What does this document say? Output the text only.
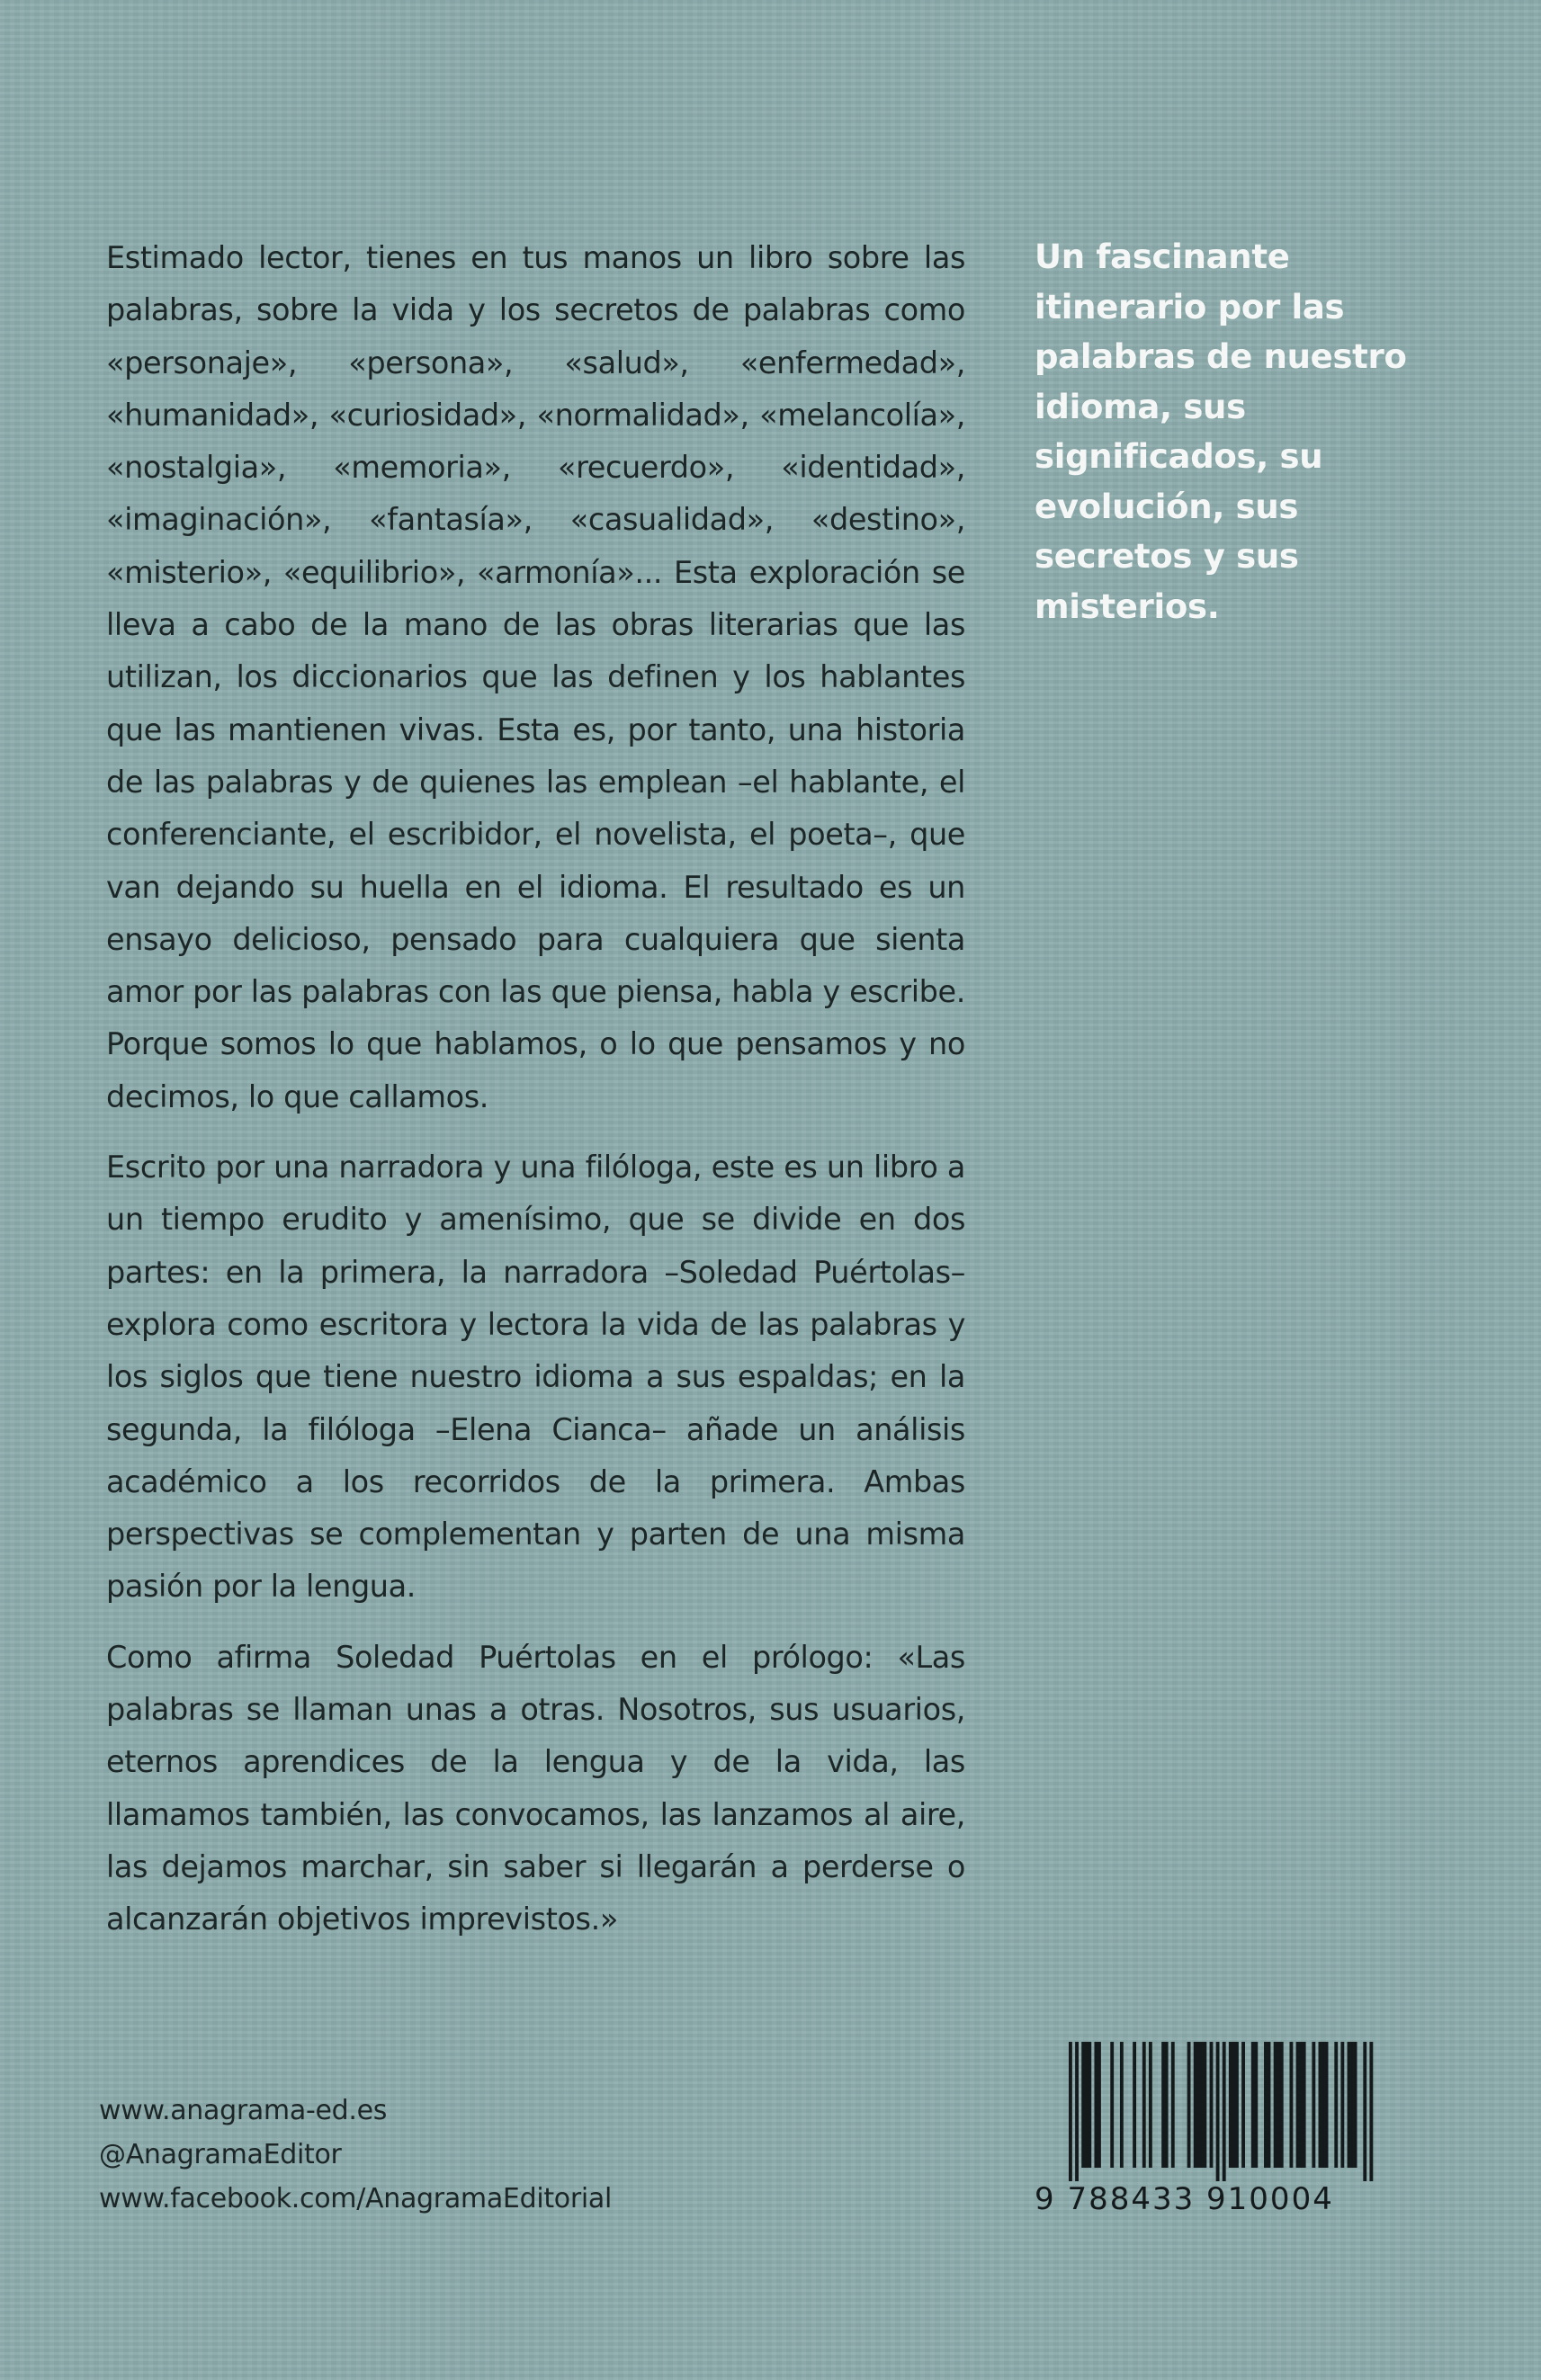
Estimado lector, tienes en tus manos un libro sobre las palabras, sobre la vida y los secretos de palabras como «personaje», «persona», «salud», «enfermedad», «humanidad», «curiosidad», «normalidad», «melancolía», «nostalgia», «memoria», «recuerdo», «identidad», «imaginación», «fantasía», «casualidad», «destino», «misterio», «equilibrio», «armonía»... Esta exploración se lleva a cabo de la mano de las obras literarias que las utilizan, los diccionarios que las definen y los hablantes que las mantienen vivas. Esta es, por tanto, una historia de las palabras y de quienes las emplean –el hablante, el conferenciante, el escribidor, el novelista, el poeta–, que van dejando su huella en el idioma. El resultado es un ensayo delicioso, pensado para cualquiera que sienta amor por las palabras con las que piensa, habla y escribe. Porque somos lo que hablamos, o lo que pensamos y no decimos, lo que callamos.

Escrito por una narradora y una filóloga, este es un libro a un tiempo erudito y amenísimo, que se divide en dos partes: en la primera, la narradora –Soledad Puértolas– explora como escritora y lectora la vida de las palabras y los siglos que tiene nuestro idioma a sus espaldas; en la segunda, la filóloga –Elena Cianca– añade un análisis académico a los recorridos de la primera. Ambas perspectivas se complementan y parten de una misma pasión por la lengua.

Como afirma Soledad Puértolas en el prólogo: «Las palabras se llaman unas a otras. Nosotros, sus usuarios, eternos aprendices de la lengua y de la vida, las llamamos también, las convocamos, las lanzamos al aire, las dejamos marchar, sin saber si llegarán a perderse o alcanzarán objetivos imprevistos.»

Un fascinante itinerario por las palabras de nuestro idioma, sus significados, su evolución, sus secretos y sus misterios.

www.anagrama-ed.es
@AnagramaEditor
www.facebook.com/AnagramaEditorial	9 788433 910004
